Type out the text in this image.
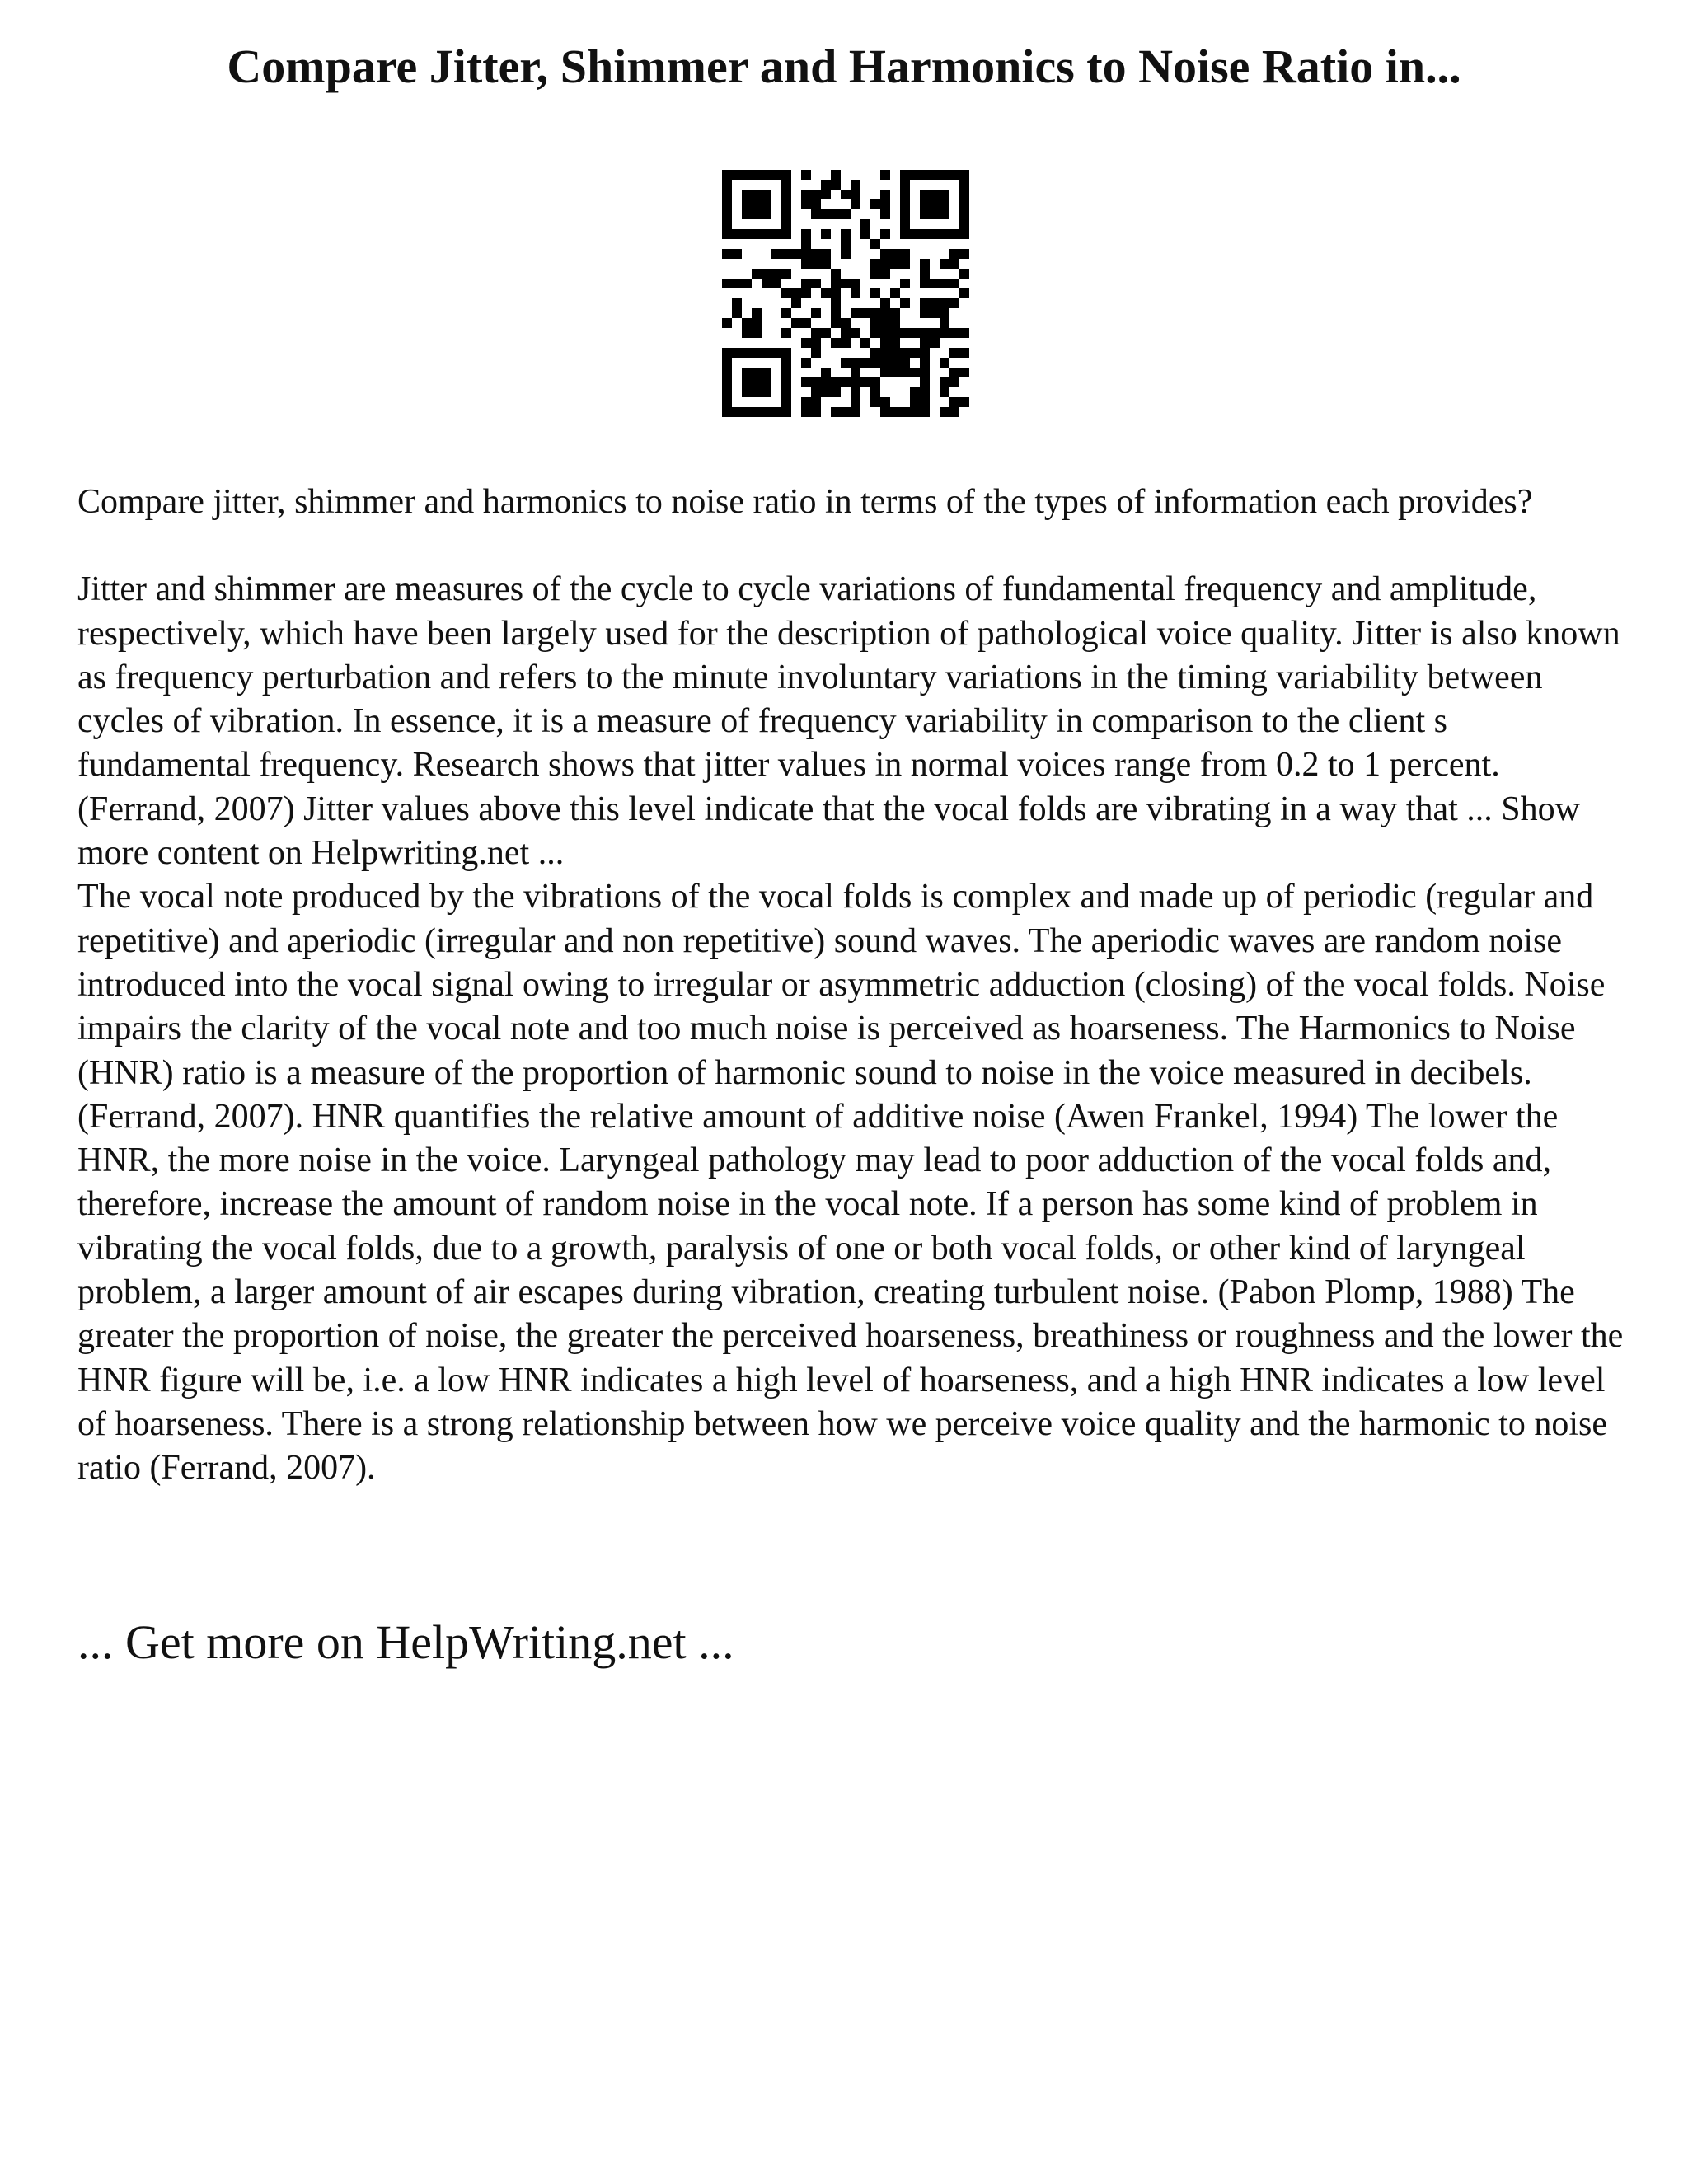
Compare Jitter, Shimmer and Harmonics to Noise Ratio in...

Compare jitter, shimmer and harmonics to noise ratio in terms of the types of information each provides?

Jitter and shimmer are measures of the cycle to cycle variations of fundamental frequency and amplitude, respectively, which have been largely used for the description of pathological voice quality. Jitter is also known as frequency perturbation and refers to the minute involuntary variations in the timing variability between cycles of vibration. In essence, it is a measure of frequency variability in comparison to the client s fundamental frequency. Research shows that jitter values in normal voices range from 0.2 to 1 percent. (Ferrand, 2007) Jitter values above this level indicate that the vocal folds are vibrating in a way that ... Show more content on Helpwriting.net ...

The vocal note produced by the vibrations of the vocal folds is complex and made up of periodic (regular and repetitive) and aperiodic (irregular and non repetitive) sound waves. The aperiodic waves are random noise introduced into the vocal signal owing to irregular or asymmetric adduction (closing) of the vocal folds. Noise impairs the clarity of the vocal note and too much noise is perceived as hoarseness. The Harmonics to Noise (HNR) ratio is a measure of the proportion of harmonic sound to noise in the voice measured in decibels. (Ferrand, 2007). HNR quantifies the relative amount of additive noise (Awen Frankel, 1994) The lower the HNR, the more noise in the voice. Laryngeal pathology may lead to poor adduction of the vocal folds and, therefore, increase the amount of random noise in the vocal note. If a person has some kind of problem in vibrating the vocal folds, due to a growth, paralysis of one or both vocal folds, or other kind of laryngeal problem, a larger amount of air escapes during vibration, creating turbulent noise. (Pabon Plomp, 1988) The greater the proportion of noise, the greater the perceived hoarseness, breathiness or roughness and the lower the HNR figure will be, i.e. a low HNR indicates a high level of hoarseness, and a high HNR indicates a low level of hoarseness. There is a strong relationship between how we perceive voice quality and the harmonic to noise ratio (Ferrand, 2007).

... Get more on HelpWriting.net ...
